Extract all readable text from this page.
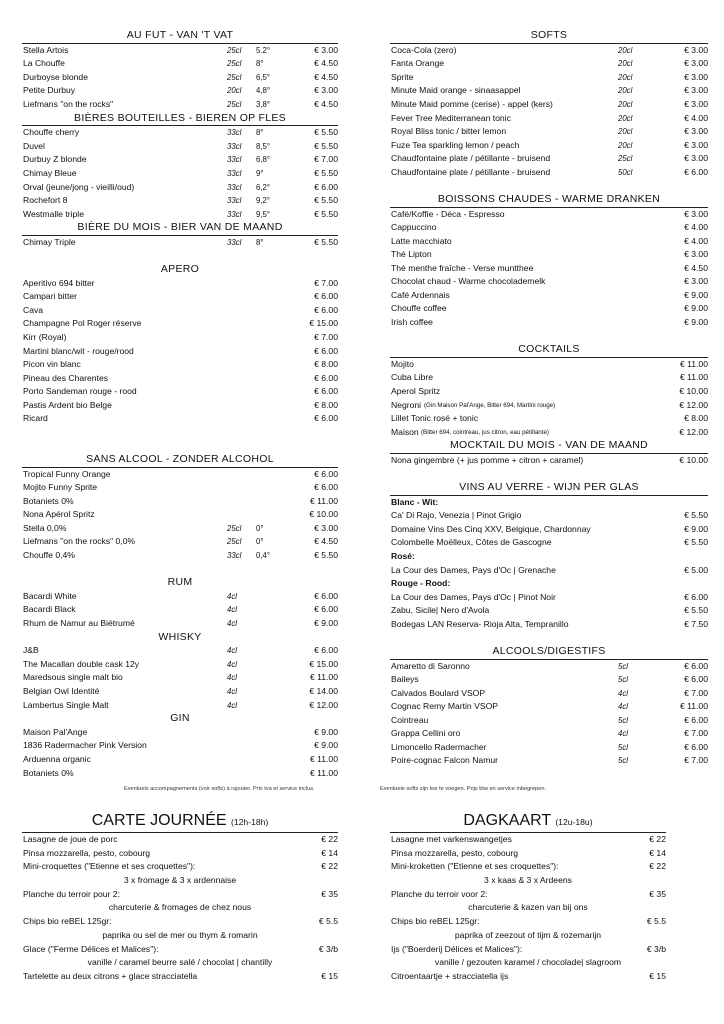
AU FUT - VAN 'T VAT
Stella Artois	25cl 5.2°	€ 3.00
La Chouffe	25cl 8°	€ 4.50
Durboyse blonde	25cl 6,5°	€ 4.50
Petite Durbuy	20cl 4,8°	€ 3.00
Liefmans "on the rocks"	25cl 3,8°	€ 4.50
BIÈRES BOUTEILLES - BIEREN OP FLES
Chouffe cherry	33cl 8°	€ 5.50
Duvel	33cl 8,5°	€ 5.50
Durbuy Z blonde	33cl 6,8°	€ 7.00
Chimay Bleue	33cl 9°	€ 5.50
Orval (jeune/jong - vieilli/oud)	33cl 6,2°	€ 6.00
Rochefort 8	33cl 9,2°	€ 5.50
Westmalle triple	33cl 9,5°	€ 5.50
BIÈRE DU MOIS - BIER VAN DE MAAND
Chimay Triple	33cl 8°	€ 5.50
APERO
Aperitivo 694 bitter	€ 7.00
Campari bitter	€ 6.00
Cava	€ 6.00
Champagne Pol Roger réserve	€ 15.00
Kirr (Royal)	€ 7.00
Martini blanc/wit - rouge/rood	€ 6.00
Picon vin blanc	€ 8.00
Pineau des Charentes	€ 6.00
Porto Sandeman rouge - rood	€ 6.00
Pastis Ardent bio Belge	€ 8.00
Ricard	€ 6.00
SANS ALCOOL - ZONDER ALCOHOL
Tropical Funny Orange	€ 6.00
Mojito Funny Sprite	€ 6.00
Botaniets 0%	€ 11.00
Nona Apérol Spritz	€ 10.00
Stella 0,0%	25cl 0°	€ 3.00
Liefmans "on the rocks" 0,0%	25cl 0°	€ 4.50
Chouffe 0,4%	33cl 0,4°	€ 5.50
RUM
Bacardi White	4cl	€ 6.00
Bacardi Black	4cl	€ 6.00
Rhum de Namur au Biétrumé	4cl	€ 9.00
WHISKY
J&B	4cl	€ 6.00
The Macallan double cask 12y	4cl	€ 15.00
Maredsous single malt bio	4cl	€ 11.00
Belgian Owl Identité	4cl	€ 14.00
Lambertus Single Malt	4cl	€ 12.00
GIN
Maison Pal'Ange	€ 9.00
1836 Radermacher Pink Version	€ 9.00
Arduenna organic	€ 11.00
Botaniets 0%	€ 11.00
SOFTS
Coca-Cola (zero)	20cl	€ 3.00
Fanta Orange	20cl	€ 3.00
Sprite	20cl	€ 3.00
Minute Maid orange - sinaasappel	20cl	€ 3.00
Minute Maid pomme (cerise) - appel (kers)	20cl	€ 3.00
Fever Tree Mediterranean tonic	20cl	€ 4.00
Royal Bliss tonic / bitter lemon	20cl	€ 3.00
Fuze Tea sparkling lemon / peach	20cl	€ 3.00
Chaudfontaine plate / pétillante - bruisend	25cl	€ 3.00
Chaudfontaine plate / pétillante - bruisend	50cl	€ 6.00
BOISSONS CHAUDES - WARME DRANKEN
Café/Koffie - Déca - Espresso	€ 3.00
Cappuccino	€ 4.00
Latte macchiato	€ 4.00
Thé Lipton	€ 3.00
Thé menthe fraîche - Verse muntthee	€ 4.50
Chocolat chaud - Warme chocolademelk	€ 3.00
Café Ardennais	€ 9.00
Chouffe coffee	€ 9.00
Irish coffee	€ 9.00
COCKTAILS
Mojito	€ 11.00
Cuba Libre	€ 11.00
Aperol Spritz	€ 10.00
Negroni (Gin Maison Pal'Ange, Bitter 694, Martini rouge)	€ 12.00
Lillet Tonic rosé + tonic	€ 8.00
Maison (Bitter 694, cointreau, jus citron, eau pétillante)	€ 12.00
MOCKTAIL DU MOIS - VAN DE MAAND
Nona gingembre (+ jus pomme + citron + caramel)	€ 10.00
VINS AU VERRE - WIJN PER GLAS
Blanc - Wit:
Ca' Di Rajo, Venezia | Pinot Grigio	€ 5.50
Domaine Vins Des Cinq XXV, Belgique, Chardonnay	€ 9.00
Colombelle Moëlleux, Côtes de Gascogne	€ 5.50
Rosé:
La Cour des Dames, Pays d'Oc | Grenache	€ 5.00
Rouge - Rood:
La Cour des Dames, Pays d'Oc | Pinot Noir	€ 6.00
Zabu, Sicile| Nero d'Avola	€ 5.50
Bodegas LAN Reserva- Rioja Alta, Tempranillo	€ 7.50
ALCOOLS/DIGESTIFS
Amaretto di Saronno	5cl	€ 6.00
Baileys	5cl	€ 6.00
Calvados Boulard VSOP	4cl	€ 7.00
Cognac Remy Martin VSOP	4cl	€ 11.00
Cointreau	5cl	€ 6.00
Grappa Cellini oro	4cl	€ 7.00
Limoncello Radermacher	5cl	€ 6.00
Poire-cognac Falcon Namur	5cl	€ 7.00
Eventuels accompagnements (voir softs) à rajouter. Prix tva et service inclus.	Eventuele softs zijn toe te voegen. Prijs btw en service inbegrepen.
CARTE JOURNÉE (12h-18h)
Lasagne de joue de porc	€ 22
Pinsa mozzarella, pesto, cobourg	€ 14
Mini-croquettes ("Etienne et ses croquettes"):	€ 22
3 x fromage & 3 x ardennaise
Planche du terroir pour 2:	€ 35
charcuterie & fromages de chez nous
Chips bio reBEL 125gr:	€ 5.5
paprika ou sel de mer ou thym & romarin
Glace ("Ferme Délices et Malices"):	€ 3/b
vanille / caramel beurre salé / chocolat | chantilly
Tartelette au deux citrons + glace stracciatella	€ 15
DAGKAART (12u-18u)
Lasagne met varkenswangetjes	€ 22
Pinsa mozzarella, pesto, cobourg	€ 14
Mini-kroketten ("Etienne et ses croquettes"):	€ 22
3 x kaas & 3 x Ardeens
Planche du terroir voor 2:	€ 35
charcuterie & kazen van bij ons
Chips bio reBEL 125gr:	€ 5.5
paprika of zeezout of tijm & rozemarijn
Ijs ("Boerderij Délices et Malices"):	€ 3/b
vanille / gezouten karamel / chocolade| slagroom
Citroentaartje + stracciatella ijs	€ 15
